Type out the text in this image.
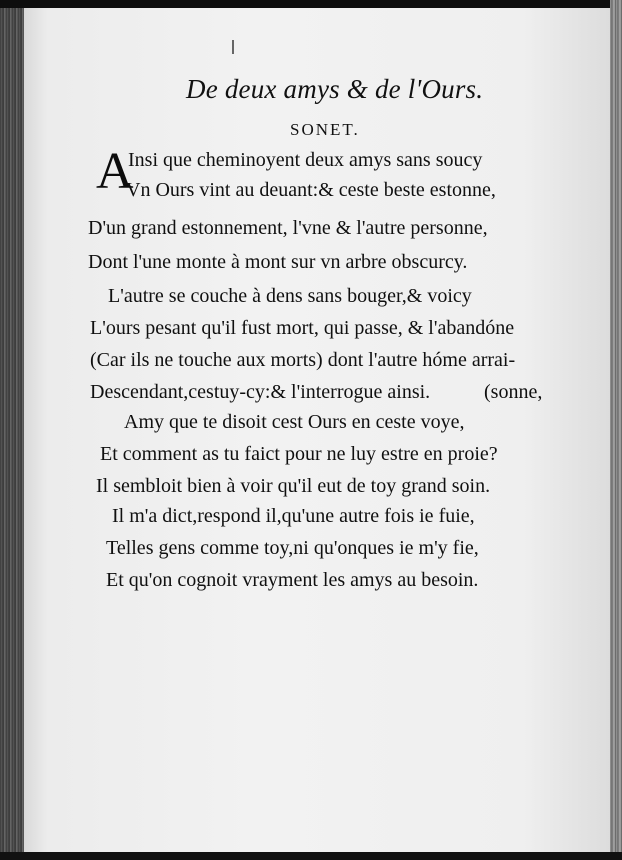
De deux amys & de l'Ours.
SONET.
A
Insi que cheminoyent deux amys sans soucy
Vn Ours vint au deuant:& ceste beste estonne,
D'un grand estonnement, l'vne & l'autre personne,
Dont l'une monte à mont sur vn arbre obscurcy.
L'autre se couche à dens sans bouger,& voicy
L'ours pesant qu'il fust mort, qui passe, & l'abandóne
(Car ils ne touche aux morts) dont l'autre hóme arrai-
Descendant,cestuy-cy:& l'interrogue ainsi.	(sonne,
Amy que te disoit cest Ours en ceste voye,
Et comment as tu faict pour ne luy estre en proie?
Il sembloit bien à voir qu'il eut de toy grand soin.
Il m'a dict,respond il,qu'une autre fois ie fuie,
Telles gens comme toy,ni qu'onques ie m'y fie,
Et qu'on cognoit vrayment les amys au besoin.
